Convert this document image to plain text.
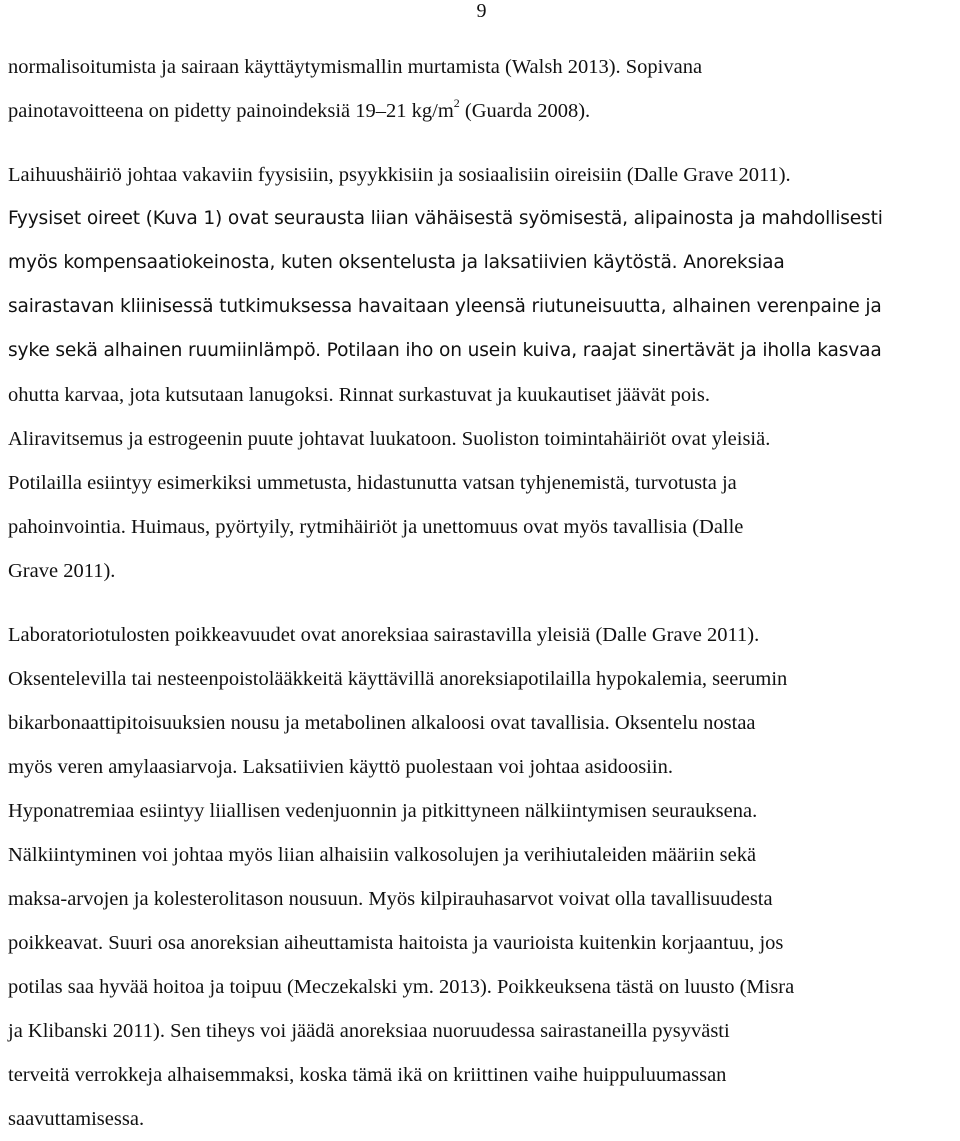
9
normalisoitumista ja sairaan käyttäytymismallin murtamista (Walsh 2013). Sopivana
painotavoitteena on pidetty painoindeksiä 19–21 $kg/m^2$ (Guarda 2008).
Laihuushäiriö johtaa vakaviin fyysisiin, psyykkisiin ja sosiaalisiin oireisiin (Dalle Grave 2011).
Fyysiset oireet (Kuva 1) ovat seurausta liian vähäisestä syömisestä, alipainosta ja mahdollisesti
myös kompensaatiokeinosta, kuten oksentelusta ja laksatiivien käytöstä. Anoreksiaa
sairastavan kliinisessä tutkimuksessa havaitaan yleensä riutuneisuutta, alhainen verenpaine ja
syke sekä alhainen ruumiinlämpö. Potilaan iho on usein kuiva, raajat sinertävät ja iholla kasvaa
ohutta karvaa, jota kutsutaan lanugoksi. Rinnat surkastuvat ja kuukautiset jäävät pois.
Aliravitsemus ja estrogeenin puute johtavat luukatoon. Suoliston toimintahäiriöt ovat yleisiä.
Potilailla esiintyy esimerkiksi ummetusta, hidastunutta vatsan tyhjenemistä, turvotusta ja
pahoinvointia. Huimaus, pyörtyily, rytmihäiriöt ja unettomuus ovat myös tavallisia (Dalle
Grave 2011).
Laboratoriotulosten poikkeavuudet ovat anoreksiaa sairastavilla yleisiä (Dalle Grave 2011).
Oksentelevilla tai nesteenpoistolääkkeitä käyttävillä anoreksiapotilailla hypokalemia, seerumin
bikarbonaattipitoisuuksien nousu ja metabolinen alkaloosi ovat tavallisia. Oksentelu nostaa
myös veren amylaasiarvoja. Laksatiivien käyttö puolestaan voi johtaa asidoosiin.
Hyponatremiaa esiintyy liiallisen vedenjuonnin ja pitkittyneen nälkiintymisen seurauksena.
Nälkiintyminen voi johtaa myös liian alhaisiin valkosolujen ja verihiutaleiden määriin sekä
maksa-arvojen ja kolesterolitason nousuun. Myös kilpirauhasarvot voivat olla tavallisuudesta
poikkeavat. Suuri osa anoreksian aiheuttamista haitoista ja vaurioista kuitenkin korjaantuu, jos
potilas saa hyvää hoitoa ja toipuu (Meczekalski ym. 2013). Poikkeuksena tästä on luusto (Misra
ja Klibanski 2011). Sen tiheys voi jäädä anoreksiaa nuoruudessa sairastaneilla pysyvästi
terveitä verrokkeja alhaisemmaksi, koska tämä ikä on kriittinen vaihe huippuluumassan
saavuttamisessa.
